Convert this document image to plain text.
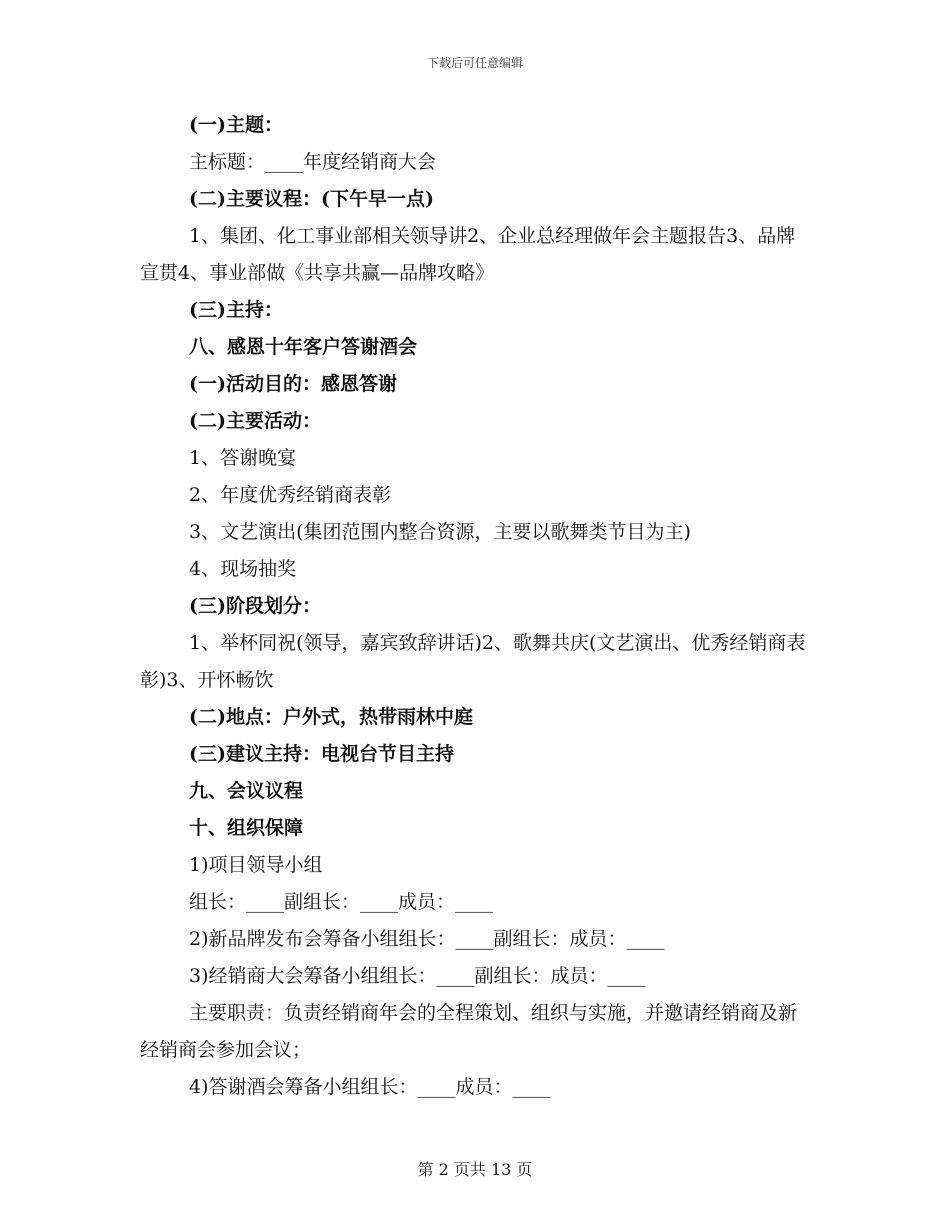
下载后可任意编辑
(一)主题：
主标题：____年度经销商大会
(二)主要议程：(下午早一点)
1、集团、化工事业部相关领导讲2、企业总经理做年会主题报告3、品牌宣贯4、事业部做《共享共赢—品牌攻略》
(三)主持：
八、感恩十年客户答谢酒会
(一)活动目的：感恩答谢
(二)主要活动：
1、答谢晚宴
2、年度优秀经销商表彰
3、文艺演出(集团范围内整合资源，主要以歌舞类节目为主)
4、现场抽奖
(三)阶段划分：
1、举杯同祝(领导，嘉宾致辞讲话)2、歌舞共庆(文艺演出、优秀经销商表彰)3、开怀畅饮
(二)地点：户外式，热带雨林中庭
(三)建议主持：电视台节目主持
九、会议议程
十、组织保障
1)项目领导小组
组长：____副组长：____成员：____
2)新品牌发布会筹备小组组长：____副组长：成员：____
3)经销商大会筹备小组组长：____副组长：成员：____
主要职责：负责经销商年会的全程策划、组织与实施，并邀请经销商及新经销商会参加会议；
4)答谢酒会筹备小组组长：____成员：____
第 2 页共 13 页
